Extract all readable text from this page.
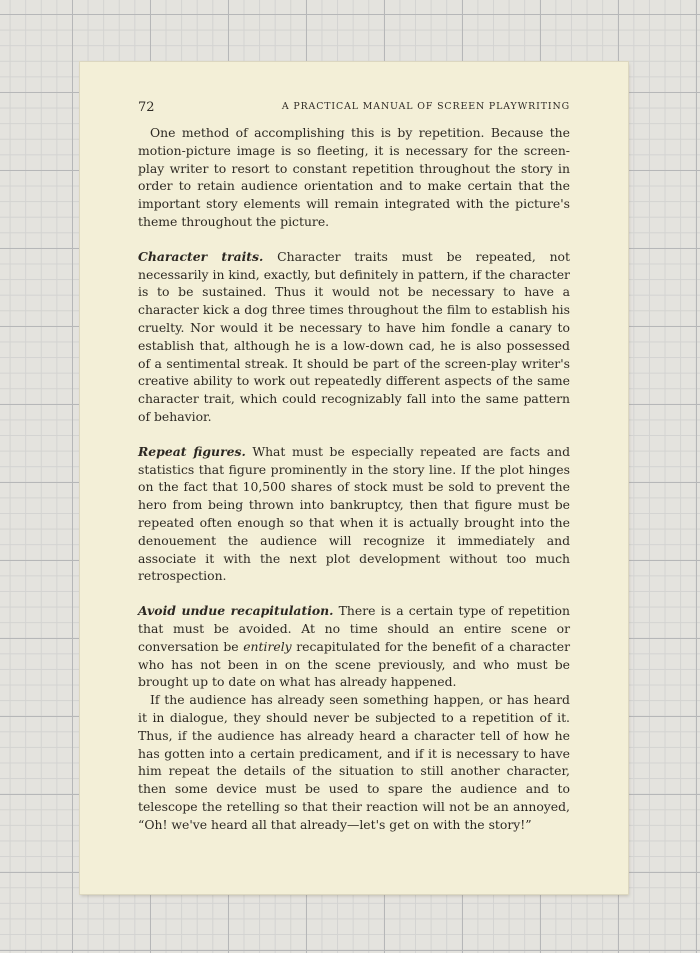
72	A PRACTICAL MANUAL OF SCREEN PLAYWRITING

One method of accomplishing this is by repetition. Because the motion-picture image is so fleeting, it is necessary for the screen-play writer to resort to constant repetition throughout the story in order to retain audience orientation and to make certain that the important story elements will remain integrated with the picture's theme throughout the picture.

Character traits. Character traits must be repeated, not necessarily in kind, exactly, but definitely in pattern, if the character is to be sustained. Thus it would not be necessary to have a character kick a dog three times throughout the film to establish his cruelty. Nor would it be necessary to have him fondle a canary to establish that, although he is a low-down cad, he is also possessed of a sentimental streak. It should be part of the screen-play writer's creative ability to work out repeatedly different aspects of the same character trait, which could recognizably fall into the same pattern of behavior.

Repeat figures. What must be especially repeated are facts and statistics that figure prominently in the story line. If the plot hinges on the fact that 10,500 shares of stock must be sold to prevent the hero from being thrown into bankruptcy, then that figure must be repeated often enough so that when it is actually brought into the denouement the audience will recognize it immediately and associate it with the next plot development without too much retrospection.

Avoid undue recapitulation. There is a certain type of repetition that must be avoided. At no time should an entire scene or conversation be entirely recapitulated for the benefit of a character who has not been in on the scene previously, and who must be brought up to date on what has already happened.

If the audience has already seen something happen, or has heard it in dialogue, they should never be subjected to a repetition of it. Thus, if the audience has already heard a character tell of how he has gotten into a certain predicament, and if it is necessary to have him repeat the details of the situation to still another character, then some device must be used to spare the audience and to telescope the retelling so that their reaction will not be an annoyed, “Oh! we've heard all that already—let's get on with the story!”
